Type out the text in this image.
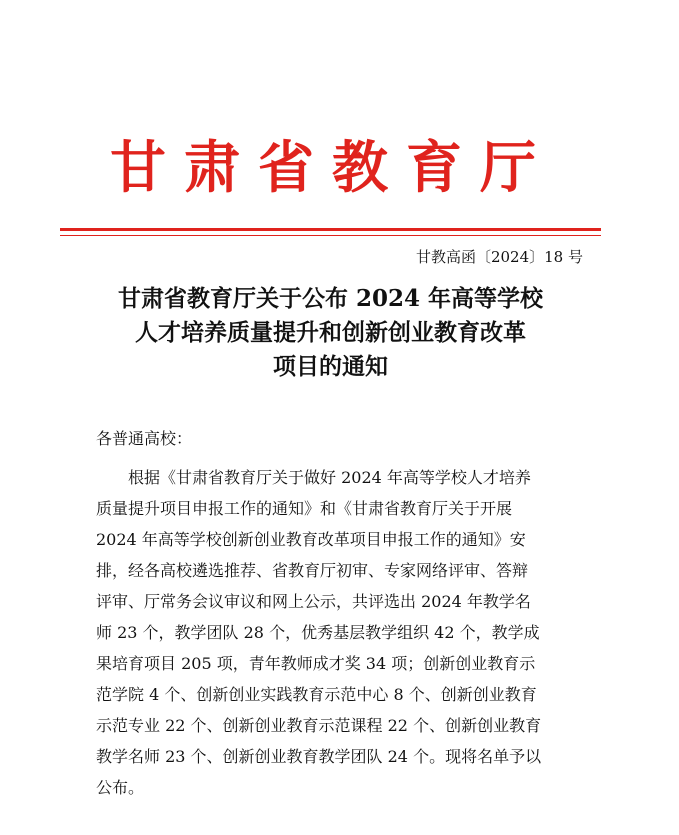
甘肃省教育厅
甘教高函〔2024〕18 号
甘肃省教育厅关于公布 2024 年高等学校
人才培养质量提升和创新创业教育改革
项目的通知
各普通高校：
根据《甘肃省教育厅关于做好 2024 年高等学校人才培养
质量提升项目申报工作的通知》和《甘肃省教育厅关于开展
2024 年高等学校创新创业教育改革项目申报工作的通知》安
排，经各高校遴选推荐、省教育厅初审、专家网络评审、答辩
评审、厅常务会议审议和网上公示，共评选出 2024 年教学名
师 23 个，教学团队 28 个，优秀基层教学组织 42 个，教学成
果培育项目 205 项，青年教师成才奖 34 项；创新创业教育示
范学院 4 个、创新创业实践教育示范中心 8 个、创新创业教育
示范专业 22 个、创新创业教育示范课程 22 个、创新创业教育
教学名师 23 个、创新创业教育教学团队 24 个。现将名单予以
公布。
